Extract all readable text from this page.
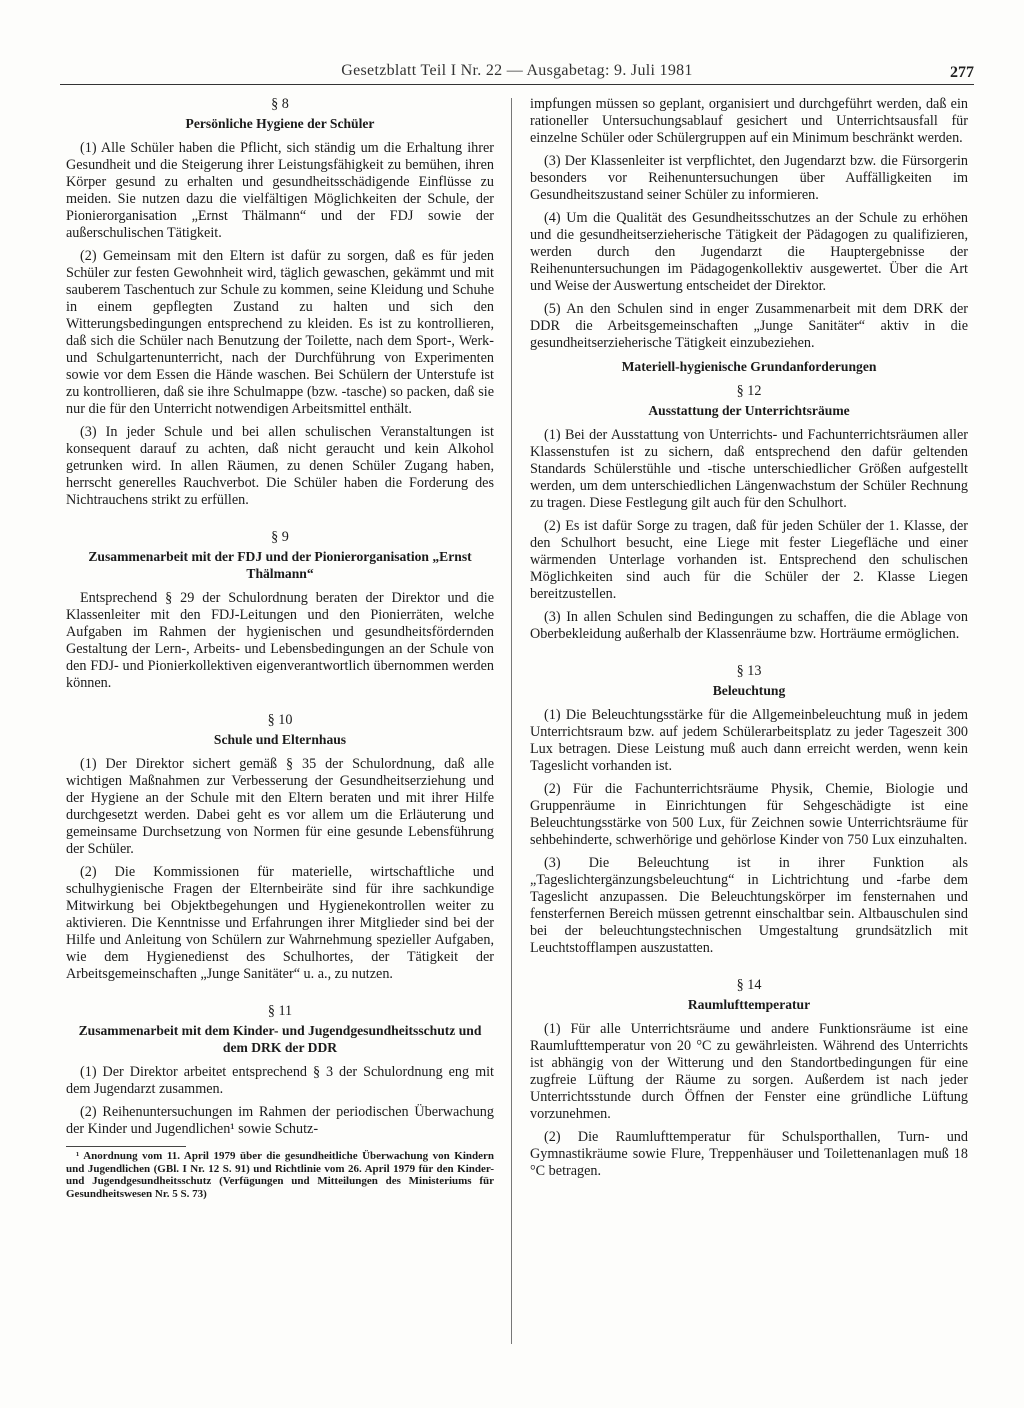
Gesetzblatt Teil I Nr. 22 — Ausgabetag: 9. Juli 1981	277
§ 8
Persönliche Hygiene der Schüler

(1) Alle Schüler haben die Pflicht, sich ständig um die Erhaltung ihrer Gesundheit und die Steigerung ihrer Leistungsfähigkeit zu bemühen, ihren Körper gesund zu erhalten und gesundheitsschädigende Einflüsse zu meiden. Sie nutzen dazu die vielfältigen Möglichkeiten der Schule, der Pionierorganisation „Ernst Thälmann“ und der FDJ sowie der außerschulischen Tätigkeit.

(2) Gemeinsam mit den Eltern ist dafür zu sorgen, daß es für jeden Schüler zur festen Gewohnheit wird, täglich gewaschen, gekämmt und mit sauberem Taschentuch zur Schule zu kommen, seine Kleidung und Schuhe in einem gepflegten Zustand zu halten und sich den Witterungsbedingungen entsprechend zu kleiden. Es ist zu kontrollieren, daß sich die Schüler nach Benutzung der Toilette, nach dem Sport-, Werk- und Schulgartenunterricht, nach der Durchführung von Experimenten sowie vor dem Essen die Hände waschen. Bei Schülern der Unterstufe ist zu kontrollieren, daß sie ihre Schulmappe (bzw. -tasche) so packen, daß sie nur die für den Unterricht notwendigen Arbeitsmittel enthält.

(3) In jeder Schule und bei allen schulischen Veranstaltungen ist konsequent darauf zu achten, daß nicht geraucht und kein Alkohol getrunken wird. In allen Räumen, zu denen Schüler Zugang haben, herrscht generelles Rauchverbot. Die Schüler haben die Forderung des Nichtrauchens strikt zu erfüllen.

§ 9
Zusammenarbeit mit der FDJ und der Pionierorganisation „Ernst Thälmann“

Entsprechend § 29 der Schulordnung beraten der Direktor und die Klassenleiter mit den FDJ-Leitungen und den Pionierräten, welche Aufgaben im Rahmen der hygienischen und gesundheitsfördernden Gestaltung der Lern-, Arbeits- und Lebensbedingungen an der Schule von den FDJ- und Pionierkollektiven eigenverantwortlich übernommen werden können.

§ 10
Schule und Elternhaus

(1) Der Direktor sichert gemäß § 35 der Schulordnung, daß alle wichtigen Maßnahmen zur Verbesserung der Gesundheitserziehung und der Hygiene an der Schule mit den Eltern beraten und mit ihrer Hilfe durchgesetzt werden. Dabei geht es vor allem um die Erläuterung und gemeinsame Durchsetzung von Normen für eine gesunde Lebensführung der Schüler.

(2) Die Kommissionen für materielle, wirtschaftliche und schulhygienische Fragen der Elternbeiräte sind für ihre sachkundige Mitwirkung bei Objektbegehungen und Hygienekontrollen weiter zu aktivieren. Die Kenntnisse und Erfahrungen ihrer Mitglieder sind bei der Hilfe und Anleitung von Schülern zur Wahrnehmung spezieller Aufgaben, wie dem Hygienedienst des Schulhortes, der Tätigkeit der Arbeitsgemeinschaften „Junge Sanitäter“ u. a., zu nutzen.

§ 11
Zusammenarbeit mit dem Kinder- und Jugendgesundheitsschutz und dem DRK der DDR

(1) Der Direktor arbeitet entsprechend § 3 der Schulordnung eng mit dem Jugendarzt zusammen.

(2) Reihenuntersuchungen im Rahmen der periodischen Überwachung der Kinder und Jugendlichen¹ sowie Schutz-

¹ Anordnung vom 11. April 1979 über die gesundheitliche Überwachung von Kindern und Jugendlichen (GBl. I Nr. 12 S. 91) und Richtlinie vom 26. April 1979 für den Kinder- und Jugendgesundheitsschutz (Verfügungen und Mitteilungen des Ministeriums für Gesundheitswesen Nr. 5 S. 73)

impfungen müssen so geplant, organisiert und durchgeführt werden, daß ein rationeller Untersuchungsablauf gesichert und Unterrichtsausfall für einzelne Schüler oder Schülergruppen auf ein Minimum beschränkt werden.

(3) Der Klassenleiter ist verpflichtet, den Jugendarzt bzw. die Fürsorgerin besonders vor Reihenuntersuchungen über Auffälligkeiten im Gesundheitszustand seiner Schüler zu informieren.

(4) Um die Qualität des Gesundheitsschutzes an der Schule zu erhöhen und die gesundheitserzieherische Tätigkeit der Pädagogen zu qualifizieren, werden durch den Jugendarzt die Hauptergebnisse der Reihenuntersuchungen im Pädagogenkollektiv ausgewertet. Über die Art und Weise der Auswertung entscheidet der Direktor.

(5) An den Schulen sind in enger Zusammenarbeit mit dem DRK der DDR die Arbeitsgemeinschaften „Junge Sanitäter“ aktiv in die gesundheitserzieherische Tätigkeit einzubeziehen.

Materiell-hygienische Grundanforderungen
§ 12
Ausstattung der Unterrichtsräume

(1) Bei der Ausstattung von Unterrichts- und Fachunterrichtsräumen aller Klassenstufen ist zu sichern, daß entsprechend den dafür geltenden Standards Schülerstühle und -tische unterschiedlicher Größen aufgestellt werden, um dem unterschiedlichen Längenwachstum der Schüler Rechnung zu tragen. Diese Festlegung gilt auch für den Schulhort.

(2) Es ist dafür Sorge zu tragen, daß für jeden Schüler der 1. Klasse, der den Schulhort besucht, eine Liege mit fester Liegefläche und einer wärmenden Unterlage vorhanden ist. Entsprechend den schulischen Möglichkeiten sind auch für die Schüler der 2. Klasse Liegen bereitzustellen.

(3) In allen Schulen sind Bedingungen zu schaffen, die die Ablage von Oberbekleidung außerhalb der Klassenräume bzw. Horträume ermöglichen.

§ 13
Beleuchtung

(1) Die Beleuchtungsstärke für die Allgemeinbeleuchtung muß in jedem Unterrichtsraum bzw. auf jedem Schülerarbeitsplatz zu jeder Tageszeit 300 Lux betragen. Diese Leistung muß auch dann erreicht werden, wenn kein Tageslicht vorhanden ist.

(2) Für die Fachunterrichtsräume Physik, Chemie, Biologie und Gruppenräume in Einrichtungen für Sehgeschädigte ist eine Beleuchtungsstärke von 500 Lux, für Zeichnen sowie Unterrichtsräume für sehbehinderte, schwerhörige und gehörlose Kinder von 750 Lux einzuhalten.

(3) Die Beleuchtung ist in ihrer Funktion als „Tageslichtergänzungsbeleuchtung“ in Lichtrichtung und -farbe dem Tageslicht anzupassen. Die Beleuchtungskörper im fensternahen und fensterfernen Bereich müssen getrennt einschaltbar sein. Altbauschulen sind bei der beleuchtungstechnischen Umgestaltung grundsätzlich mit Leuchtstofflampen auszustatten.

§ 14
Raumlufttemperatur

(1) Für alle Unterrichtsräume und andere Funktionsräume ist eine Raumlufttemperatur von 20 °C zu gewährleisten. Während des Unterrichts ist abhängig von der Witterung und den Standortbedingungen für eine zugfreie Lüftung der Räume zu sorgen. Außerdem ist nach jeder Unterrichtsstunde durch Öffnen der Fenster eine gründliche Lüftung vorzunehmen.

(2) Die Raumlufttemperatur für Schulsporthallen, Turn- und Gymnastikräume sowie Flure, Treppenhäuser und Toilettenanlagen muß 18 °C betragen.
